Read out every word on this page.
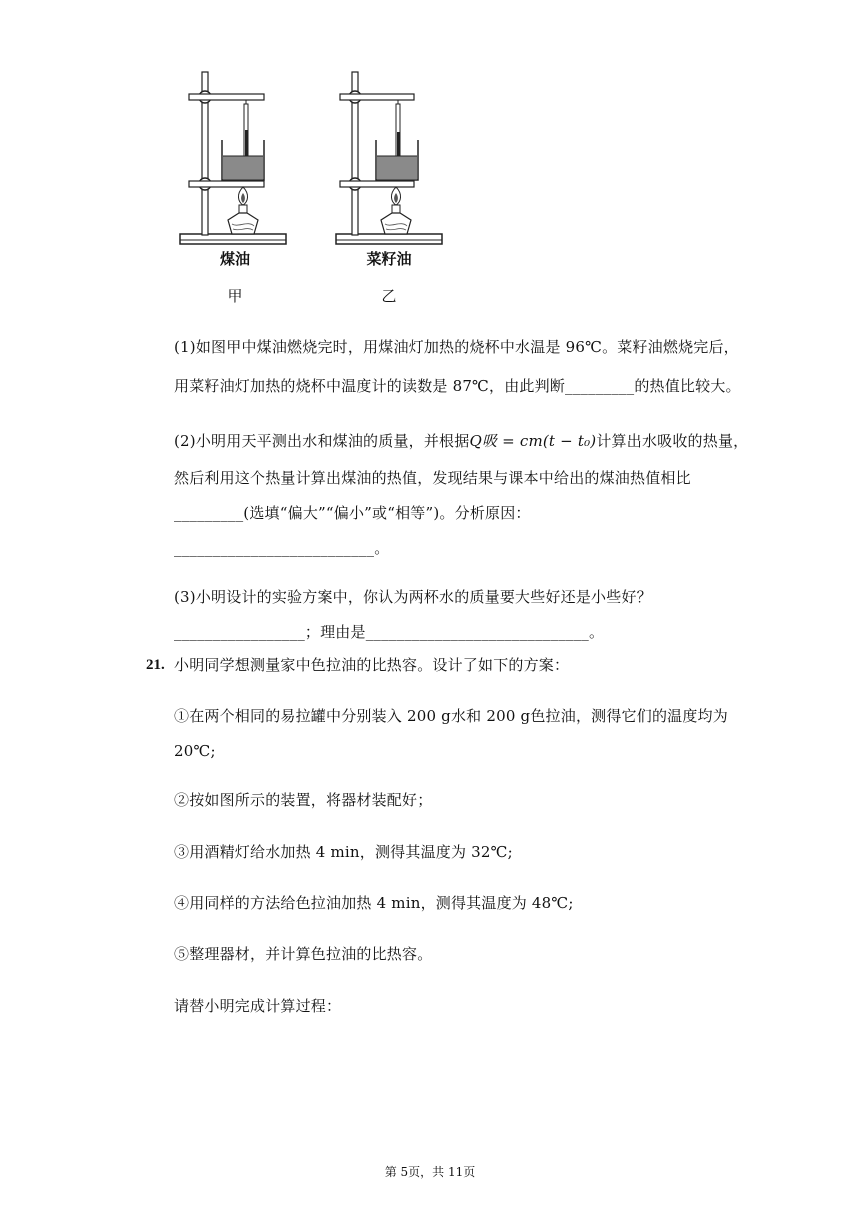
煤油
甲
菜籽油
乙
(1)如图甲中煤油燃烧完时，用煤油灯加热的烧杯中水温是 96℃。菜籽油燃烧完后，
用菜籽油灯加热的烧杯中温度计的读数是 87℃，由此判断_________的热值比较大。
(2)小明用天平测出水和煤油的质量，并根据Q吸 = cm(t − t₀)计算出水吸收的热量，
然后利用这个热量计算出煤油的热值，发现结果与课本中给出的煤油热值相比
_________(选填“偏大”“偏小”或“相等”)。分析原因：
__________________________。
(3)小明设计的实验方案中，你认为两杯水的质量要大些好还是小些好？
_________________；理由是_____________________________。
21. 小明同学想测量家中色拉油的比热容。设计了如下的方案：
①在两个相同的易拉罐中分别装入 200 g水和 200 g色拉油，测得它们的温度均为
20℃;
②按如图所示的装置，将器材装配好；
③用酒精灯给水加热 4 min，测得其温度为 32℃;
④用同样的方法给色拉油加热 4 min，测得其温度为 48℃;
⑤整理器材，并计算色拉油的比热容。
请替小明完成计算过程：
第 5页，共 11页
